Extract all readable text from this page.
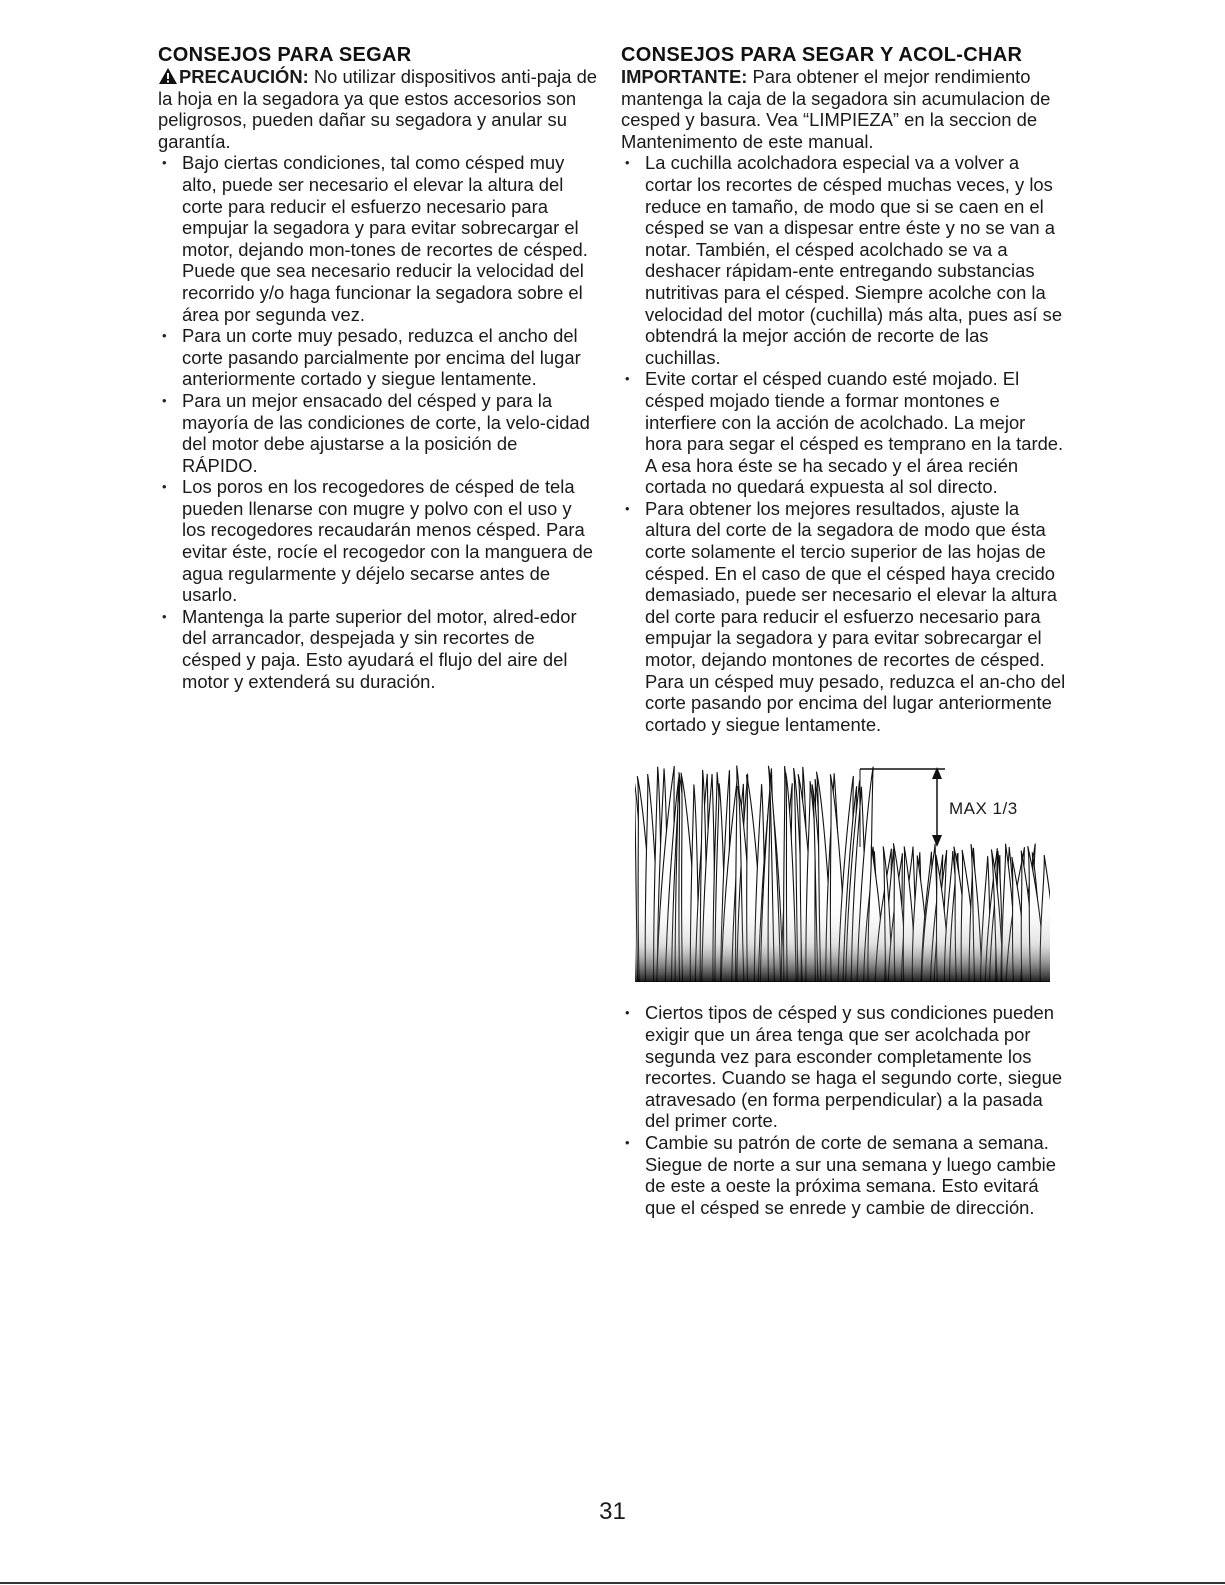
CONSEJOS PARA SEGAR

PRECAUCIÓN: No utilizar dispositivos anti-paja de la hoja en la segadora ya que estos accesorios son peligrosos, pueden dañar su segadora y anular su garantía.

• Bajo ciertas condiciones, tal como césped muy alto, puede ser necesario el elevar la altura del corte para reducir el esfuerzo necesario para empujar la segadora y para evitar sobrecargar el motor, dejando mon-tones de recortes de césped. Puede que sea necesario reducir la velocidad del recorrido y/o haga funcionar la segadora sobre el área por segunda vez.
• Para un corte muy pesado, reduzca el ancho del corte pasando parcialmente por encima del lugar anteriormente cortado y siegue lentamente.
• Para un mejor ensacado del césped y para la mayoría de las condiciones de corte, la velo-cidad del motor debe ajustarse a la posición de RÁPIDO.
• Los poros en los recogedores de césped de tela pueden llenarse con mugre y polvo con el uso y los recogedores recaudarán menos césped. Para evitar éste, rocíe el recogedor con la manguera de agua regularmente y déjelo secarse antes de usarlo.
• Mantenga la parte superior del motor, alred-edor del arrancador, despejada y sin recortes de césped y paja. Esto ayudará el flujo del aire del motor y extenderá su duración.
CONSEJOS PARA SEGAR Y ACOL-CHAR

IMPORTANTE: Para obtener el mejor rendimiento mantenga la caja de la segadora sin acumulacion de cesped y basura. Vea “LIMPIEZA” en la seccion de Mantenimento de este manual.

• La cuchilla acolchadora especial va a volver a cortar los recortes de césped muchas veces, y los reduce en tamaño, de modo que si se caen en el césped se van a dispesar entre éste y no se van a notar. También, el césped acolchado se va a deshacer rápidam-ente entregando substancias nutritivas para el césped. Siempre acolche con la velocidad del motor (cuchilla) más alta, pues así se obtendrá la mejor acción de recorte de las cuchillas.
• Evite cortar el césped cuando esté mojado. El césped mojado tiende a formar montones e interfiere con la acción de acolchado. La mejor hora para segar el césped es temprano en la tarde. A esa hora éste se ha secado y el área recién cortada no quedará expuesta al sol directo.
• Para obtener los mejores resultados, ajuste la altura del corte de la segadora de modo que ésta corte solamente el tercio superior de las hojas de césped. En el caso de que el césped haya crecido demasiado, puede ser necesario el elevar la altura del corte para reducir el esfuerzo necesario para empujar la segadora y para evitar sobrecargar el motor, dejando montones de recortes de césped. Para un césped muy pesado, reduzca el an-cho del corte pasando por encima del lugar anteriormente cortado y siegue lentamente.
MAX 1/3
• Ciertos tipos de césped y sus condiciones pueden exigir que un área tenga que ser acolchada por segunda vez para esconder completamente los recortes. Cuando se haga el segundo corte, siegue atravesado (en forma perpendicular) a la pasada del primer corte.
• Cambie su patrón de corte de semana a semana. Siegue de norte a sur una semana y luego cambie de este a oeste la próxima semana. Esto evitará que el césped se enrede y cambie de dirección.
31
